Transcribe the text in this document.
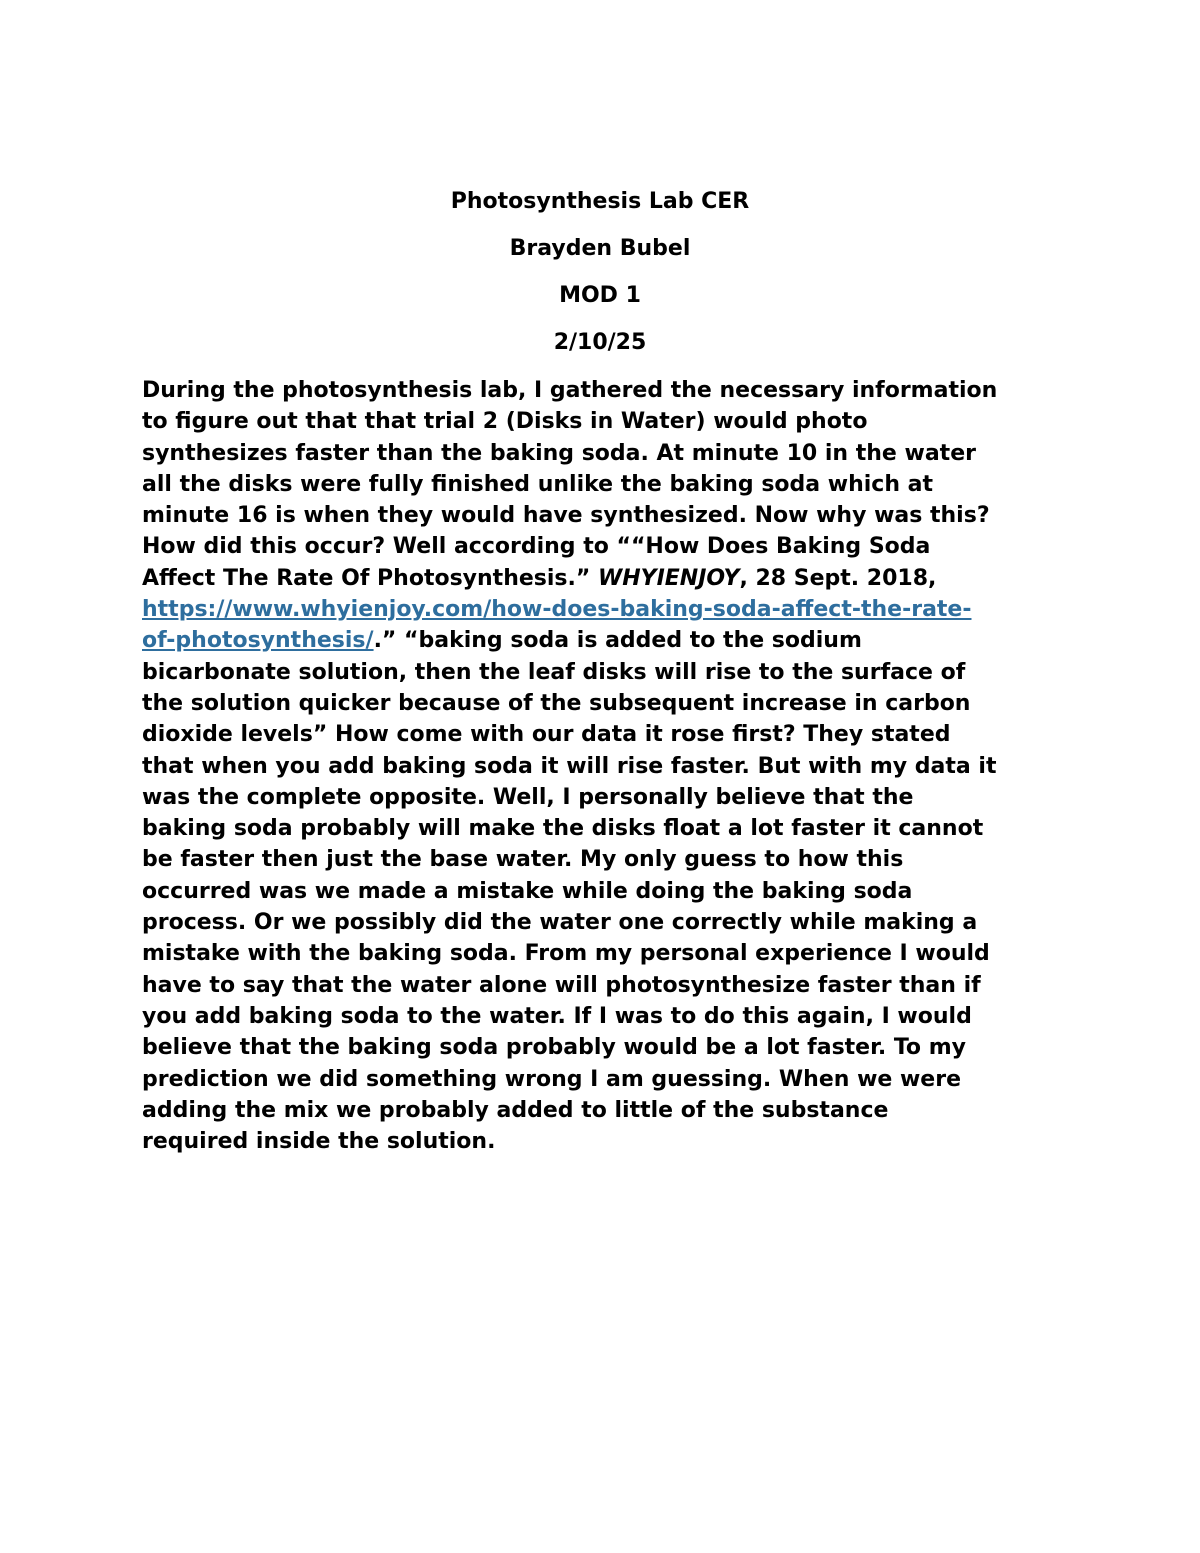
Photosynthesis Lab CER
Brayden Bubel
MOD 1
2/10/25
During the photosynthesis lab, I gathered the necessary information
to figure out that that trial 2 (Disks in Water) would photo
synthesizes faster than the baking soda. At minute 10 in the water
all the disks were fully finished unlike the baking soda which at
minute 16 is when they would have synthesized. Now why was this?
How did this occur? Well according to ““How Does Baking Soda
Affect The Rate Of Photosynthesis.” WHYIENJOY, 28 Sept. 2018,
https://www.whyienjoy.com/how-does-baking-soda-affect-the-rate-
of-photosynthesis/.” “baking soda is added to the sodium
bicarbonate solution, then the leaf disks will rise to the surface of
the solution quicker because of the subsequent increase in carbon
dioxide levels” How come with our data it rose first? They stated
that when you add baking soda it will rise faster. But with my data it
was the complete opposite. Well, I personally believe that the
baking soda probably will make the disks float a lot faster it cannot
be faster then just the base water. My only guess to how this
occurred was we made a mistake while doing the baking soda
process. Or we possibly did the water one correctly while making a
mistake with the baking soda. From my personal experience I would
have to say that the water alone will photosynthesize faster than if
you add baking soda to the water. If I was to do this again, I would
believe that the baking soda probably would be a lot faster. To my
prediction we did something wrong I am guessing. When we were
adding the mix we probably added to little of the substance
required inside the solution.
